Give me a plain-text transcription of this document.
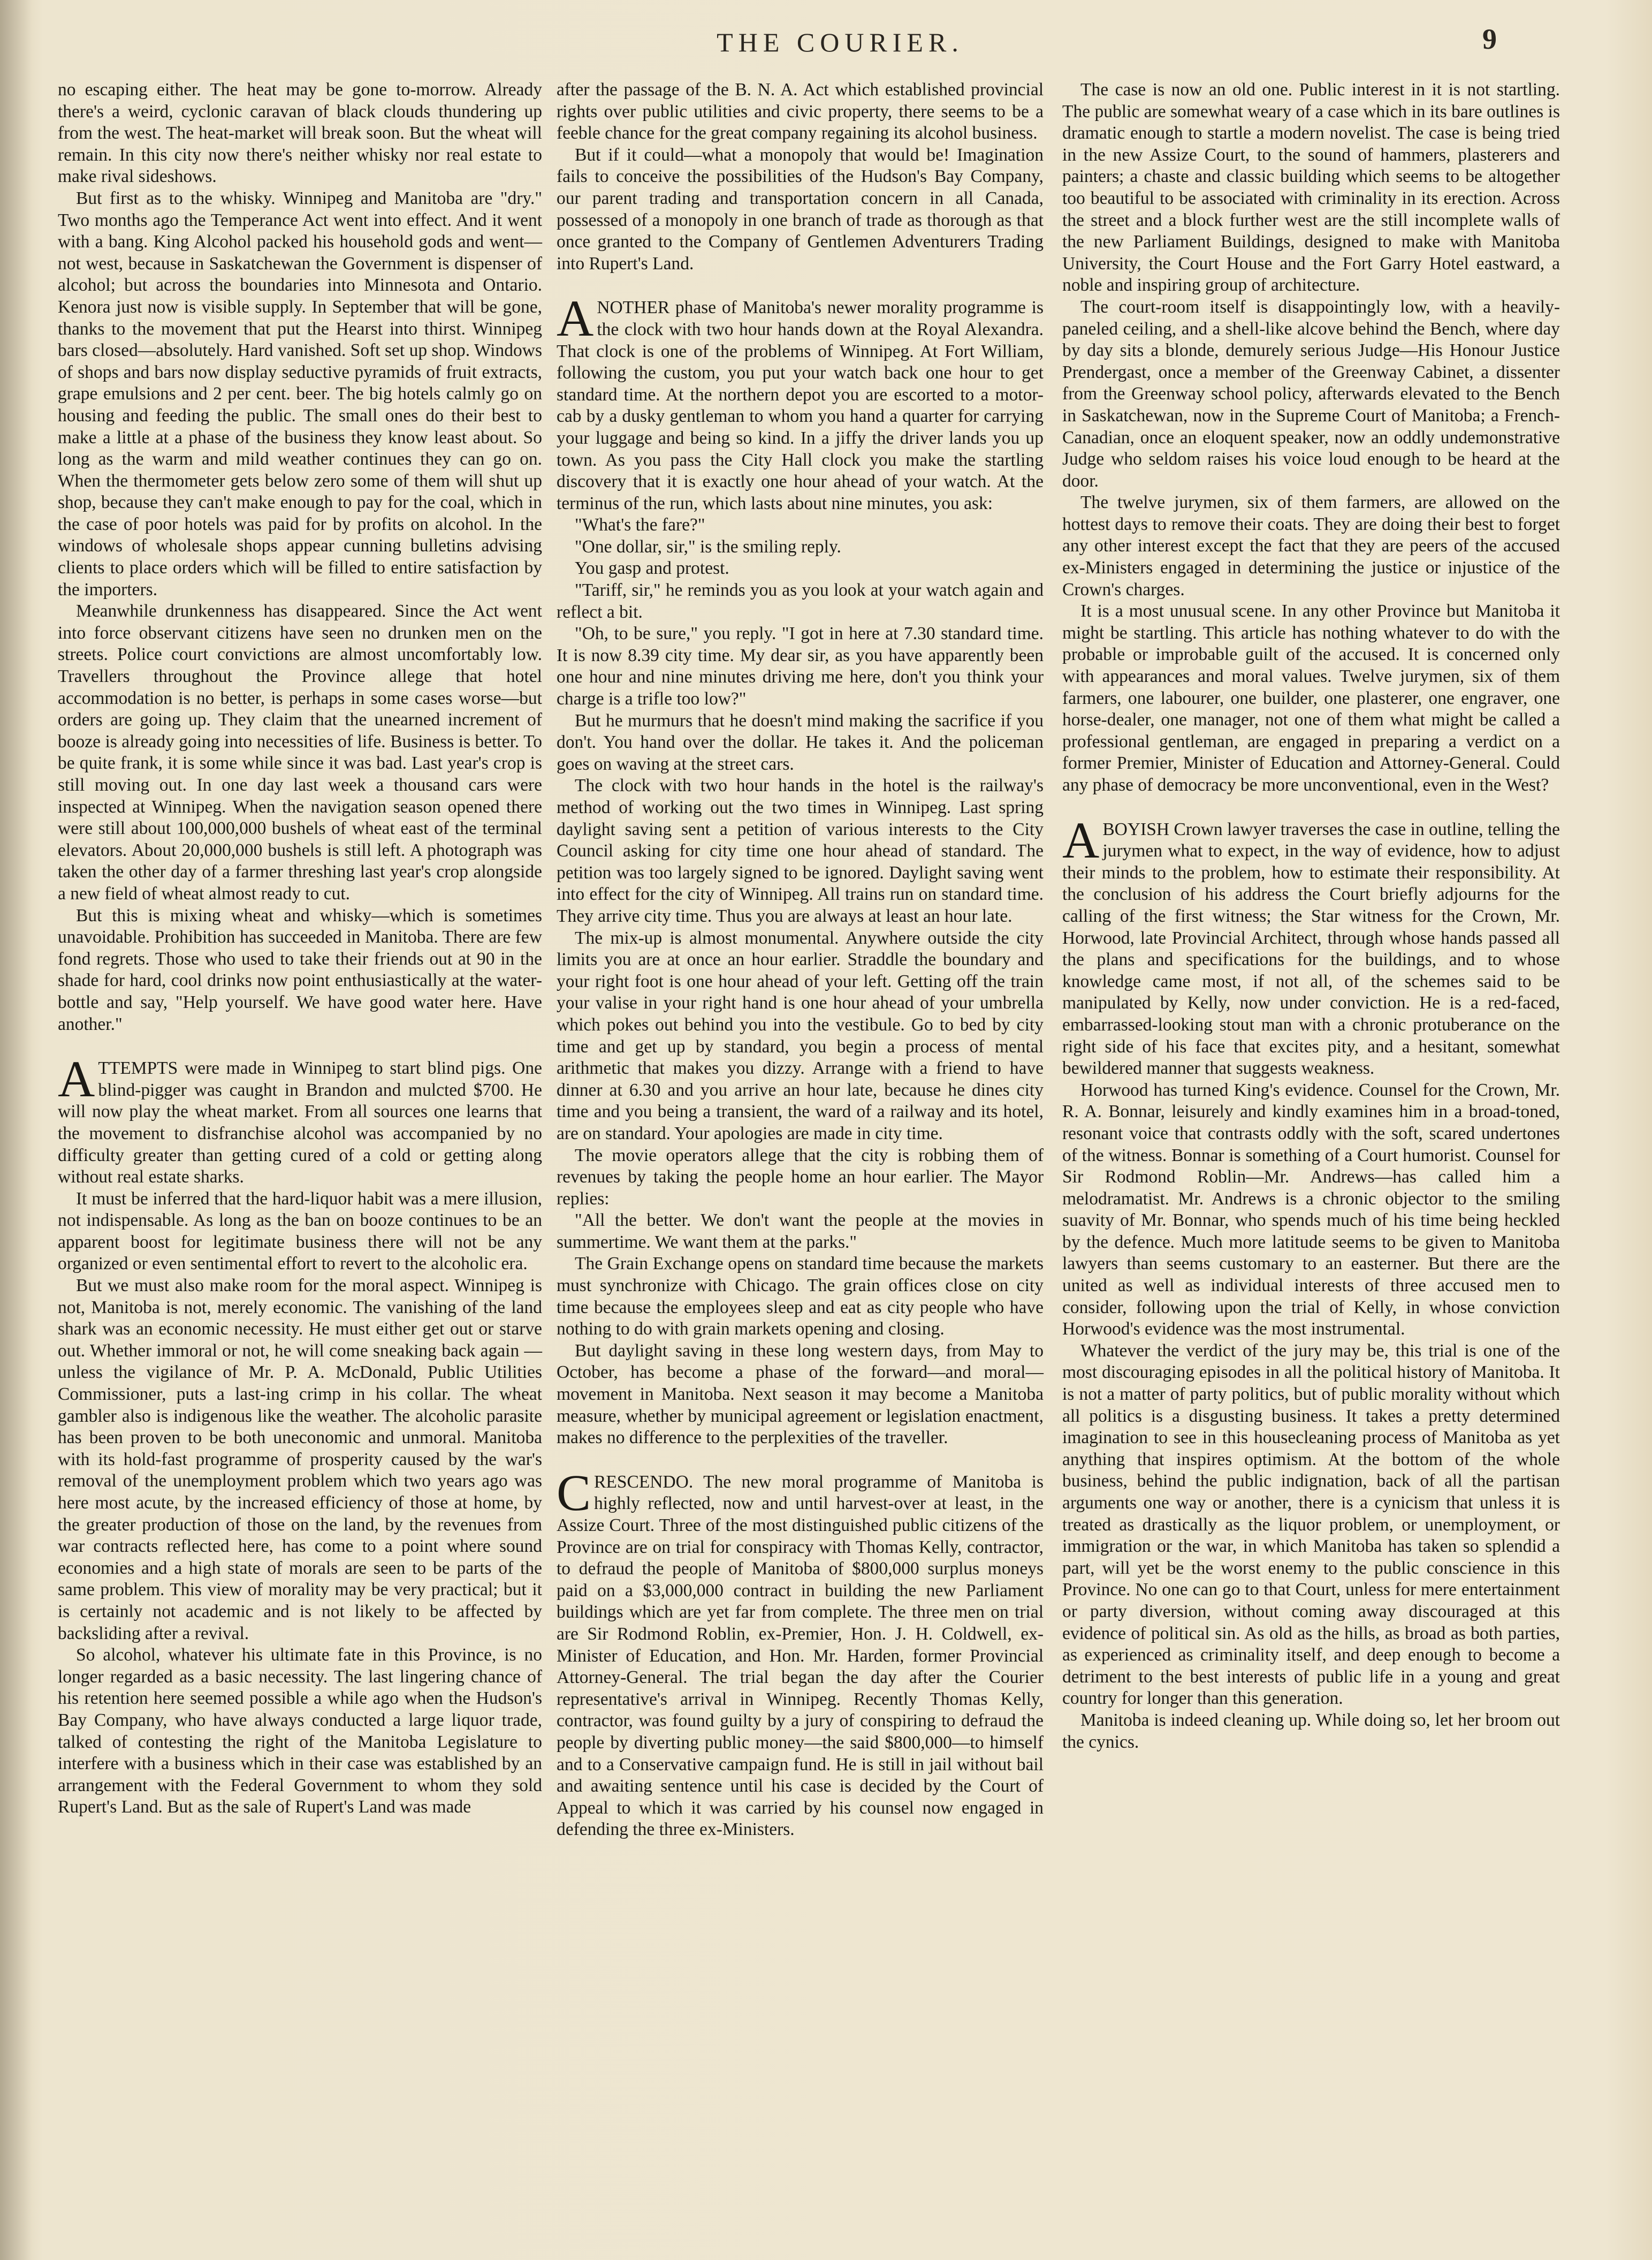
THE COURIER.	9

no escaping either. The heat may be gone to-morrow. Already there's a weird, cyclonic caravan of black clouds thundering up from the west. The heat-market will break soon. But the wheat will remain. In this city now there's neither whisky nor real estate to make rival sideshows.

But first as to the whisky. Winnipeg and Manitoba are "dry." Two months ago the Temperance Act went into effect. And it went with a bang. King Alcohol packed his household gods and went—not west, because in Saskatchewan the Government is dispenser of alcohol; but across the boundaries into Minnesota and Ontario. Kenora just now is visible supply. In September that will be gone, thanks to the movement that put the Hearst into thirst. Winnipeg bars closed—absolutely. Hard vanished. Soft set up shop. Windows of shops and bars now display seductive pyramids of fruit extracts, grape emulsions and 2 per cent. beer. The big hotels calmly go on housing and feeding the public. The small ones do their best to make a little at a phase of the business they know least about. So long as the warm and mild weather continues they can go on. When the thermometer gets below zero some of them will shut up shop, because they can't make enough to pay for the coal, which in the case of poor hotels was paid for by profits on alcohol. In the windows of wholesale shops appear cunning bulletins advising clients to place orders which will be filled to entire satisfaction by the importers.

Meanwhile drunkenness has disappeared. Since the Act went into force observant citizens have seen no drunken men on the streets. Police court convictions are almost uncomfortably low. Travellers throughout the Province allege that hotel accommodation is no better, is perhaps in some cases worse—but orders are going up. They claim that the unearned increment of booze is already going into necessities of life. Business is better. To be quite frank, it is some while since it was bad. Last year's crop is still moving out. In one day last week a thousand cars were inspected at Winnipeg. When the navigation season opened there were still about 100,000,000 bushels of wheat east of the terminal elevators. About 20,000,000 bushels is still left. A photograph was taken the other day of a farmer threshing last year's crop alongside a new field of wheat almost ready to cut.

But this is mixing wheat and whisky—which is sometimes unavoidable. Prohibition has succeeded in Manitoba. There are few fond regrets. Those who used to take their friends out at 90 in the shade for hard, cool drinks now point enthusiastically at the water-bottle and say, "Help yourself. We have good water here. Have another."

ATTEMPTS were made in Winnipeg to start blind pigs. One blind-pigger was caught in Brandon and mulcted $700. He will now play the wheat market. From all sources one learns that the movement to disfranchise alcohol was accompanied by no difficulty greater than getting cured of a cold or getting along without real estate sharks.

It must be inferred that the hard-liquor habit was a mere illusion, not indispensable. As long as the ban on booze continues to be an apparent boost for legitimate business there will not be any organized or even sentimental effort to revert to the alcoholic era.

But we must also make room for the moral aspect. Winnipeg is not, Manitoba is not, merely economic. The vanishing of the land shark was an economic necessity. He must either get out or starve out. Whether immoral or not, he will come sneaking back again — unless the vigilance of Mr. P. A. McDonald, Public Utilities Commissioner, puts a last-ing crimp in his collar. The wheat gambler also is indigenous like the weather. The alcoholic parasite has been proven to be both uneconomic and unmoral. Manitoba with its hold-fast programme of prosperity caused by the war's removal of the unemployment problem which two years ago was here most acute, by the increased efficiency of those at home, by the greater production of those on the land, by the revenues from war contracts reflected here, has come to a point where sound economies and a high state of morals are seen to be parts of the same problem. This view of morality may be very practical; but it is certainly not academic and is not likely to be affected by backsliding after a revival.

So alcohol, whatever his ultimate fate in this Province, is no longer regarded as a basic necessity. The last lingering chance of his retention here seemed possible a while ago when the Hudson's Bay Company, who have always conducted a large liquor trade, talked of contesting the right of the Manitoba Legislature to interfere with a business which in their case was established by an arrangement with the Federal Government to whom they sold Rupert's Land. But as the sale of Rupert's Land was made

after the passage of the B. N. A. Act which established provincial rights over public utilities and civic property, there seems to be a feeble chance for the great company regaining its alcohol business.

But if it could—what a monopoly that would be! Imagination fails to conceive the possibilities of the Hudson's Bay Company, our parent trading and transportation concern in all Canada, possessed of a monopoly in one branch of trade as thorough as that once granted to the Company of Gentlemen Adventurers Trading into Rupert's Land.

ANOTHER phase of Manitoba's newer morality programme is the clock with two hour hands down at the Royal Alexandra. That clock is one of the problems of Winnipeg. At Fort William, following the custom, you put your watch back one hour to get standard time. At the northern depot you are escorted to a motor-cab by a dusky gentleman to whom you hand a quarter for carrying your luggage and being so kind. In a jiffy the driver lands you up town. As you pass the City Hall clock you make the startling discovery that it is exactly one hour ahead of your watch. At the terminus of the run, which lasts about nine minutes, you ask:

"What's the fare?"

"One dollar, sir," is the smiling reply.

You gasp and protest.

"Tariff, sir," he reminds you as you look at your watch again and reflect a bit.

"Oh, to be sure," you reply. "I got in here at 7.30 standard time. It is now 8.39 city time. My dear sir, as you have apparently been one hour and nine minutes driving me here, don't you think your charge is a trifle too low?"

But he murmurs that he doesn't mind making the sacrifice if you don't. You hand over the dollar. He takes it. And the policeman goes on waving at the street cars.

The clock with two hour hands in the hotel is the railway's method of working out the two times in Winnipeg. Last spring daylight saving sent a petition of various interests to the City Council asking for city time one hour ahead of standard. The petition was too largely signed to be ignored. Daylight saving went into effect for the city of Winnipeg. All trains run on standard time. They arrive city time. Thus you are always at least an hour late.

The mix-up is almost monumental. Anywhere outside the city limits you are at once an hour earlier. Straddle the boundary and your right foot is one hour ahead of your left. Getting off the train your valise in your right hand is one hour ahead of your umbrella which pokes out behind you into the vestibule. Go to bed by city time and get up by standard, you begin a process of mental arithmetic that makes you dizzy. Arrange with a friend to have dinner at 6.30 and you arrive an hour late, because he dines city time and you being a transient, the ward of a railway and its hotel, are on standard. Your apologies are made in city time.

The movie operators allege that the city is robbing them of revenues by taking the people home an hour earlier. The Mayor replies:

"All the better. We don't want the people at the movies in summertime. We want them at the parks."

The Grain Exchange opens on standard time because the markets must synchronize with Chicago. The grain offices close on city time because the employees sleep and eat as city people who have nothing to do with grain markets opening and closing.

But daylight saving in these long western days, from May to October, has become a phase of the forward—and moral—movement in Manitoba. Next season it may become a Manitoba measure, whether by municipal agreement or legislation enactment, makes no difference to the perplexities of the traveller.

CRESCENDO. The new moral programme of Manitoba is highly reflected, now and until harvest-over at least, in the Assize Court. Three of the most distinguished public citizens of the Province are on trial for conspiracy with Thomas Kelly, contractor, to defraud the people of Manitoba of $800,000 surplus moneys paid on a $3,000,000 contract in building the new Parliament buildings which are yet far from complete. The three men on trial are Sir Rodmond Roblin, ex-Premier, Hon. J. H. Coldwell, ex-Minister of Education, and Hon. Mr. Harden, former Provincial Attorney-General. The trial began the day after the Courier representative's arrival in Winnipeg. Recently Thomas Kelly, contractor, was found guilty by a jury of conspiring to defraud the people by diverting public money—the said $800,000—to himself and to a Conservative campaign fund. He is still in jail without bail and awaiting sentence until his case is decided by the Court of Appeal to which it was carried by his counsel now engaged in defending the three ex-Ministers.

The case is now an old one. Public interest in it is not startling. The public are somewhat weary of a case which in its bare outlines is dramatic enough to startle a modern novelist. The case is being tried in the new Assize Court, to the sound of hammers, plasterers and painters; a chaste and classic building which seems to be altogether too beautiful to be associated with criminality in its erection. Across the street and a block further west are the still incomplete walls of the new Parliament Buildings, designed to make with Manitoba University, the Court House and the Fort Garry Hotel eastward, a noble and inspiring group of architecture.

The court-room itself is disappointingly low, with a heavily-paneled ceiling, and a shell-like alcove behind the Bench, where day by day sits a blonde, demurely serious Judge—His Honour Justice Prendergast, once a member of the Greenway Cabinet, a dissenter from the Greenway school policy, afterwards elevated to the Bench in Saskatchewan, now in the Supreme Court of Manitoba; a French-Canadian, once an eloquent speaker, now an oddly undemonstrative Judge who seldom raises his voice loud enough to be heard at the door.

The twelve jurymen, six of them farmers, are allowed on the hottest days to remove their coats. They are doing their best to forget any other interest except the fact that they are peers of the accused ex-Ministers engaged in determining the justice or injustice of the Crown's charges.

It is a most unusual scene. In any other Province but Manitoba it might be startling. This article has nothing whatever to do with the probable or improbable guilt of the accused. It is concerned only with appearances and moral values. Twelve jurymen, six of them farmers, one labourer, one builder, one plasterer, one engraver, one horse-dealer, one manager, not one of them what might be called a professional gentleman, are engaged in preparing a verdict on a former Premier, Minister of Education and Attorney-General. Could any phase of democracy be more unconventional, even in the West?

ABOYISH Crown lawyer traverses the case in outline, telling the jurymen what to expect, in the way of evidence, how to adjust their minds to the problem, how to estimate their responsibility. At the conclusion of his address the Court briefly adjourns for the calling of the first witness; the Star witness for the Crown, Mr. Horwood, late Provincial Architect, through whose hands passed all the plans and specifications for the buildings, and to whose knowledge came most, if not all, of the schemes said to be manipulated by Kelly, now under conviction. He is a red-faced, embarrassed-looking stout man with a chronic protuberance on the right side of his face that excites pity, and a hesitant, somewhat bewildered manner that suggests weakness.

Horwood has turned King's evidence. Counsel for the Crown, Mr. R. A. Bonnar, leisurely and kindly examines him in a broad-toned, resonant voice that contrasts oddly with the soft, scared undertones of the witness. Bonnar is something of a Court humorist. Counsel for Sir Rodmond Roblin—Mr. Andrews—has called him a melodramatist. Mr. Andrews is a chronic objector to the smiling suavity of Mr. Bonnar, who spends much of his time being heckled by the defence. Much more latitude seems to be given to Manitoba lawyers than seems customary to an easterner. But there are the united as well as individual interests of three accused men to consider, following upon the trial of Kelly, in whose conviction Horwood's evidence was the most instrumental.

Whatever the verdict of the jury may be, this trial is one of the most discouraging episodes in all the political history of Manitoba. It is not a matter of party politics, but of public morality without which all politics is a disgusting business. It takes a pretty determined imagination to see in this housecleaning process of Manitoba as yet anything that inspires optimism. At the bottom of the whole business, behind the public indignation, back of all the partisan arguments one way or another, there is a cynicism that unless it is treated as drastically as the liquor problem, or unemployment, or immigration or the war, in which Manitoba has taken so splendid a part, will yet be the worst enemy to the public conscience in this Province. No one can go to that Court, unless for mere entertainment or party diversion, without coming away discouraged at this evidence of political sin. As old as the hills, as broad as both parties, as experienced as criminality itself, and deep enough to become a detriment to the best interests of public life in a young and great country for longer than this generation.

Manitoba is indeed cleaning up. While doing so, let her broom out the cynics.
